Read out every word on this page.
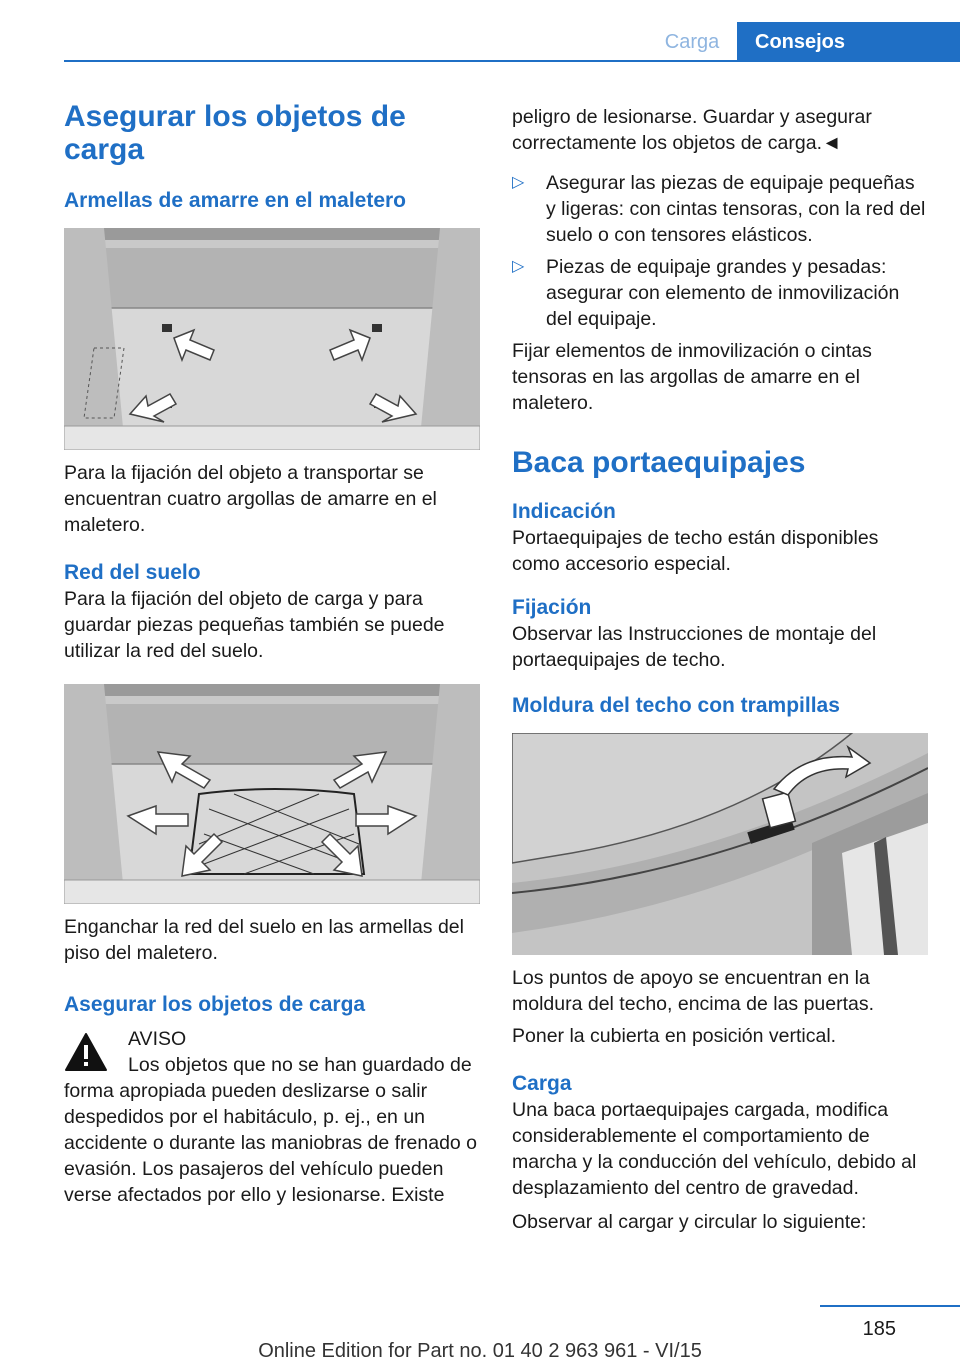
Carga	Consejos
Asegurar los objetos de carga
Armellas de amarre en el maletero

Para la fijación del objeto a transportar se encuentran cuatro argollas de amarre en el maletero.

Red del suelo

Para la fijación del objeto de carga y para guardar piezas pequeñas también se puede utilizar la red del suelo.

Enganchar la red del suelo en las armellas del piso del maletero.

Asegurar los objetos de carga

AVISO

Los objetos que no se han guardado de forma apropiada pueden deslizarse o salir despedidos por el habitáculo, p. ej., en un accidente o durante las maniobras de frenado o evasión. Los pasajeros del vehículo pueden verse afectados por ello y lesionarse. Existe

peligro de lesionarse. Guardar y asegurar correctamente los objetos de carga.◄

▷ Asegurar las piezas de equipaje pequeñas y ligeras: con cintas tensoras, con la red del suelo o con tensores elásticos.

▷ Piezas de equipaje grandes y pesadas: asegurar con elemento de inmovilización del equipaje.

Fijar elementos de inmovilización o cintas tensoras en las argollas de amarre en el maletero.

Baca portaequipajes
Indicación

Portaequipajes de techo están disponibles como accesorio especial.

Fijación

Observar las Instrucciones de montaje del portaequipajes de techo.

Moldura del techo con trampillas

Los puntos de apoyo se encuentran en la moldura del techo, encima de las puertas.

Poner la cubierta en posición vertical.

Carga

Una baca portaequipajes cargada, modifica considerablemente el comportamiento de marcha y la conducción del vehículo, debido al desplazamiento del centro de gravedad.

Observar al cargar y circular lo siguiente:

185
Online Edition for Part no. 01 40 2 963 961 - VI/15
